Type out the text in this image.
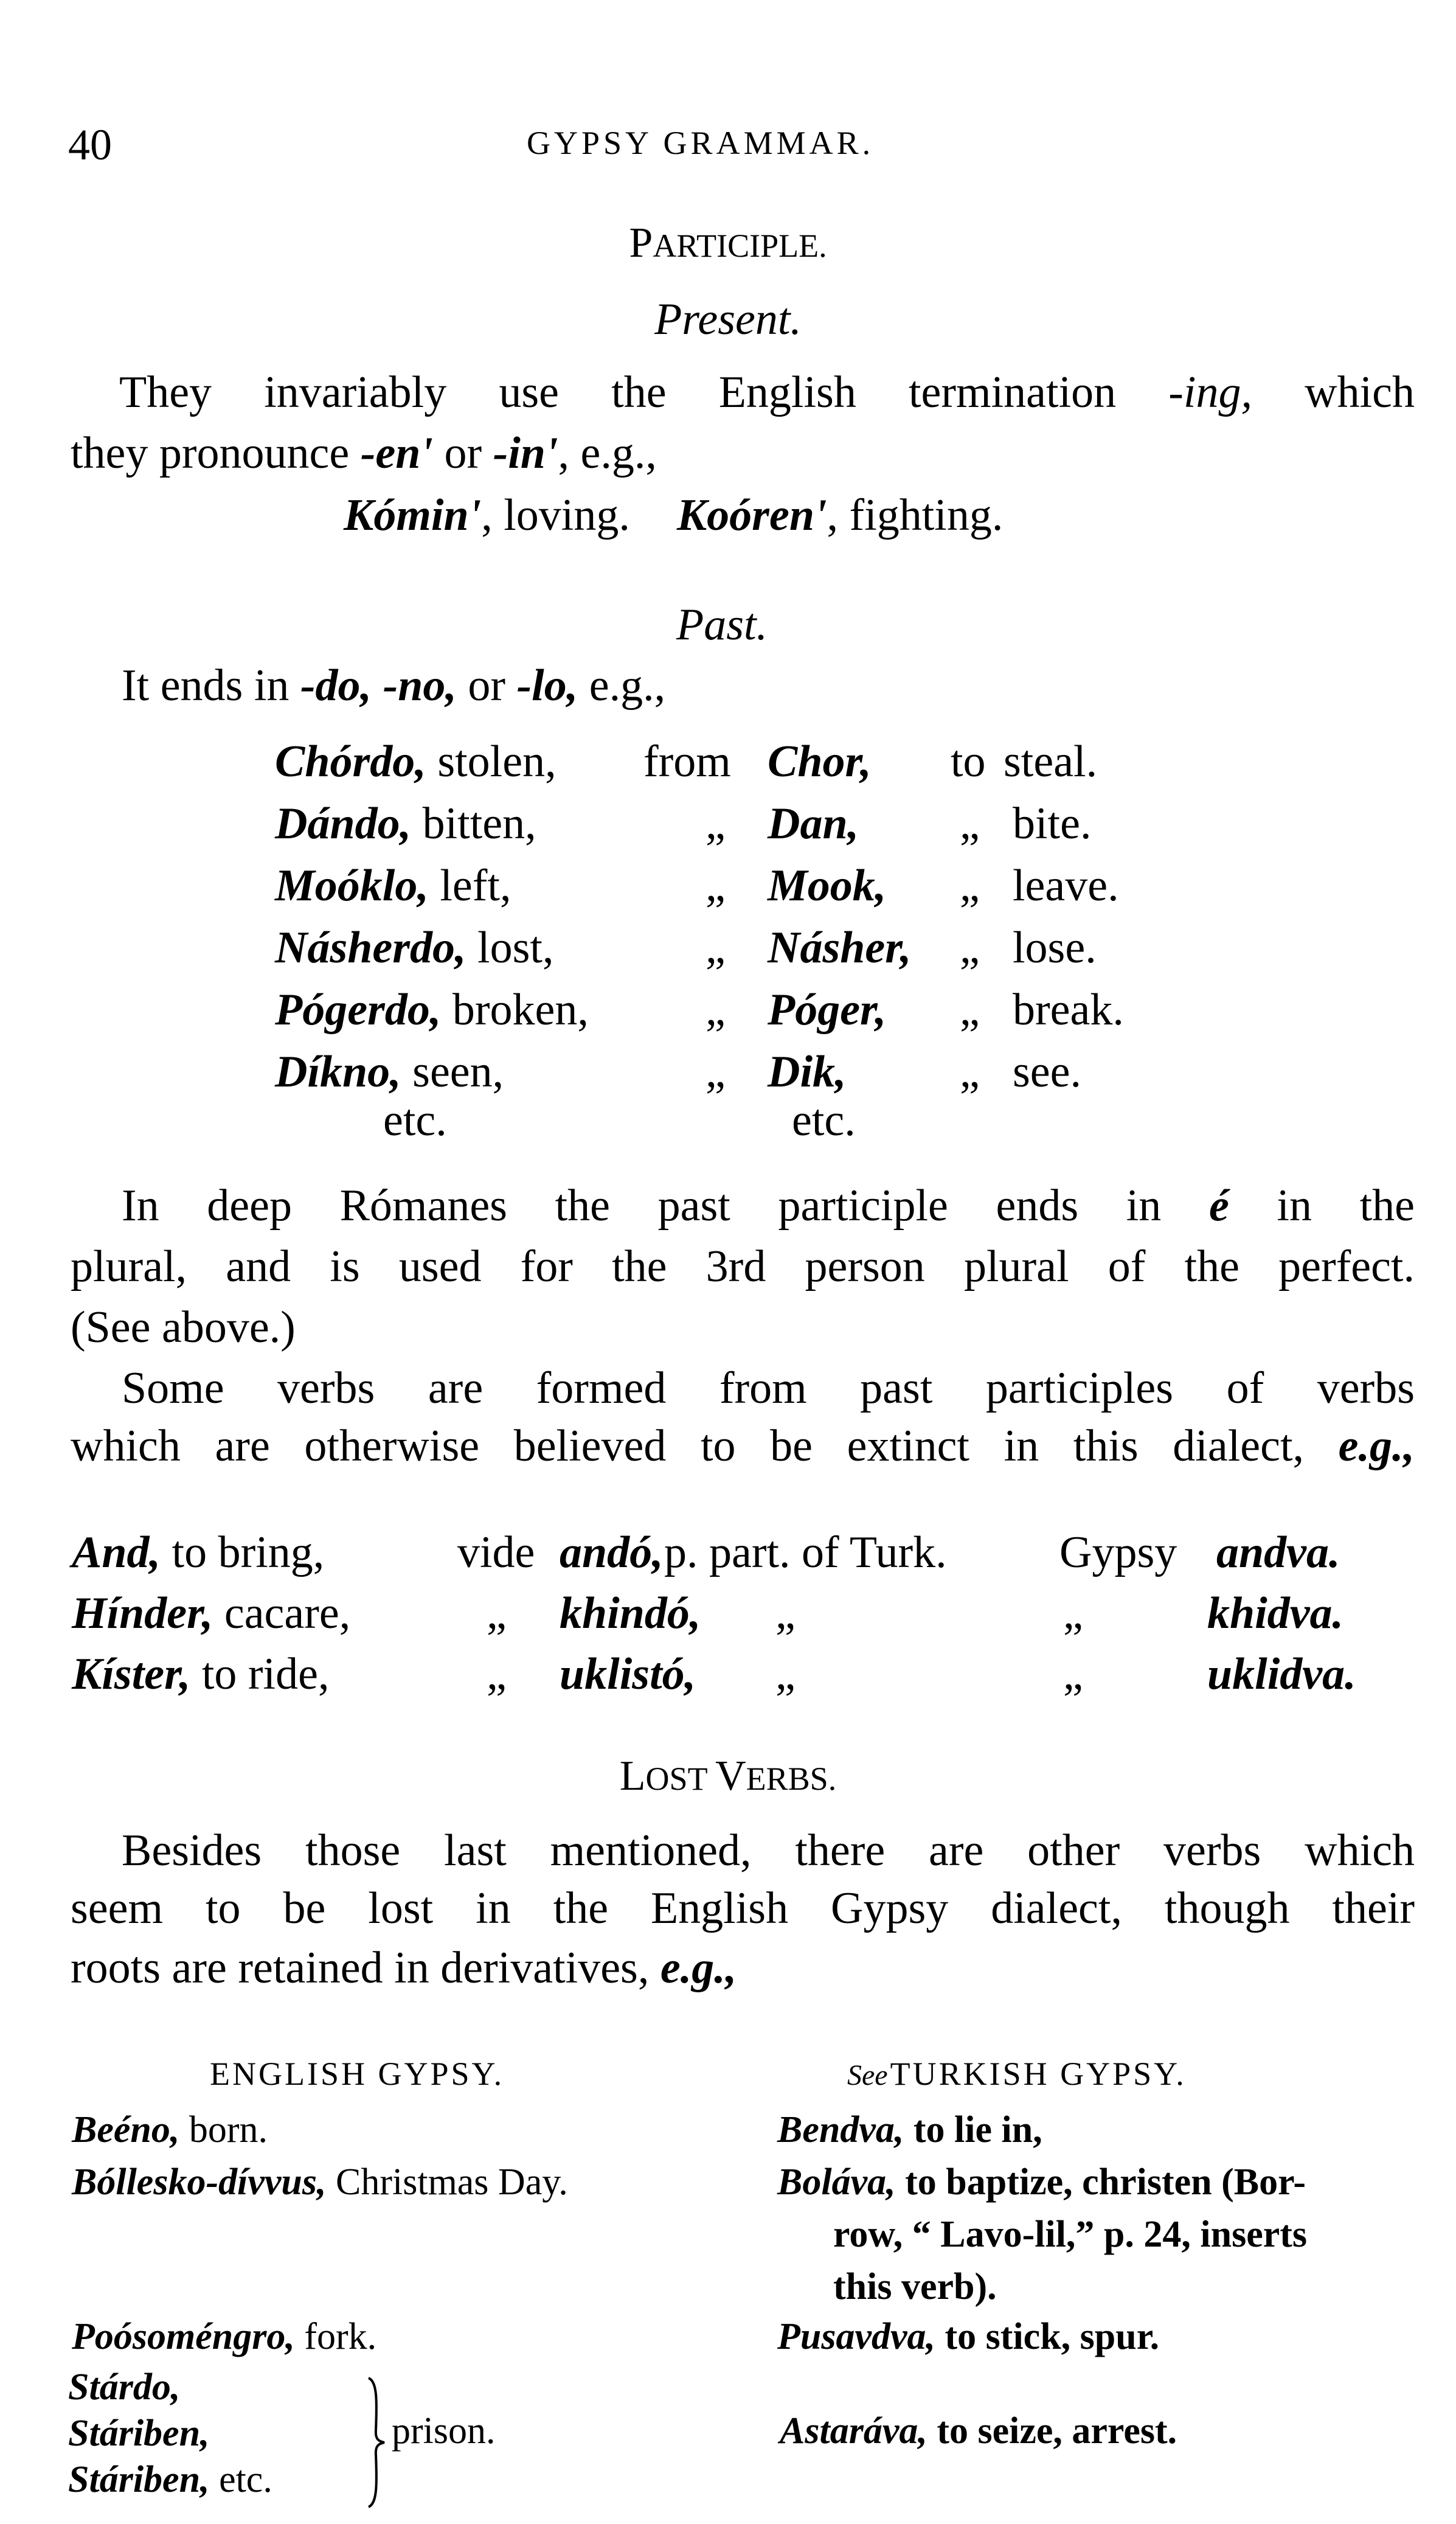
40	GYPSY GRAMMAR.
PARTICIPLE.
Present.
They invariably use the English termination -ing, which
they pronounce -en' or -in', e.g.,
Kómin', loving. Koóren', fighting.
Past.
It ends in -do, -no, or -lo, e.g.,
Chórdo, stolen, from Chor, to steal.
Dándo, bitten,	„ Dan, „ bite.
Moóklo, left,	„ Mook, „ leave.
Násherdo, lost,	„ Násher, „ lose.
Pógerdo, broken,	„ Póger, „ break.
Díkno, seen,	„ Dik,	„ see.
etc.	etc.
In deep Rómanes the past participle ends in é in the
plural, and is used for the 3rd person plural of the perfect.
(See above.)
Some verbs are formed from past participles of verbs
which are otherwise believed to be extinct in this dialect, e.g.,
And, to bring,	vide andó, p. part. of Turk.	Gypsy andva.
Hínder, cacare,	„ khindó, „	„	khidva.
Kíster, to ride,	„ uklistó, „	„	uklidva.
LOST VERBS.
Besides those last mentioned, there are other verbs which
seem to be lost in the English Gypsy dialect, though their
roots are retained in derivatives, e.g.,
ENGLISH GYPSY.	See TURKISH GYPSY.
Beéno, born.	Bendva, to lie in,
Bóllesko-dívvus, Christmas Day.	Boláva, to baptize, christen (Bor-
row, “ Lavo-lil,” p. 24, inserts
this verb).
Poósoméngro, fork.	Pusavdva, to stick, spur.
Stárdo,
Stáriben,
Stáriben, etc.
prison.	Astaráva, to seize, arrest.
